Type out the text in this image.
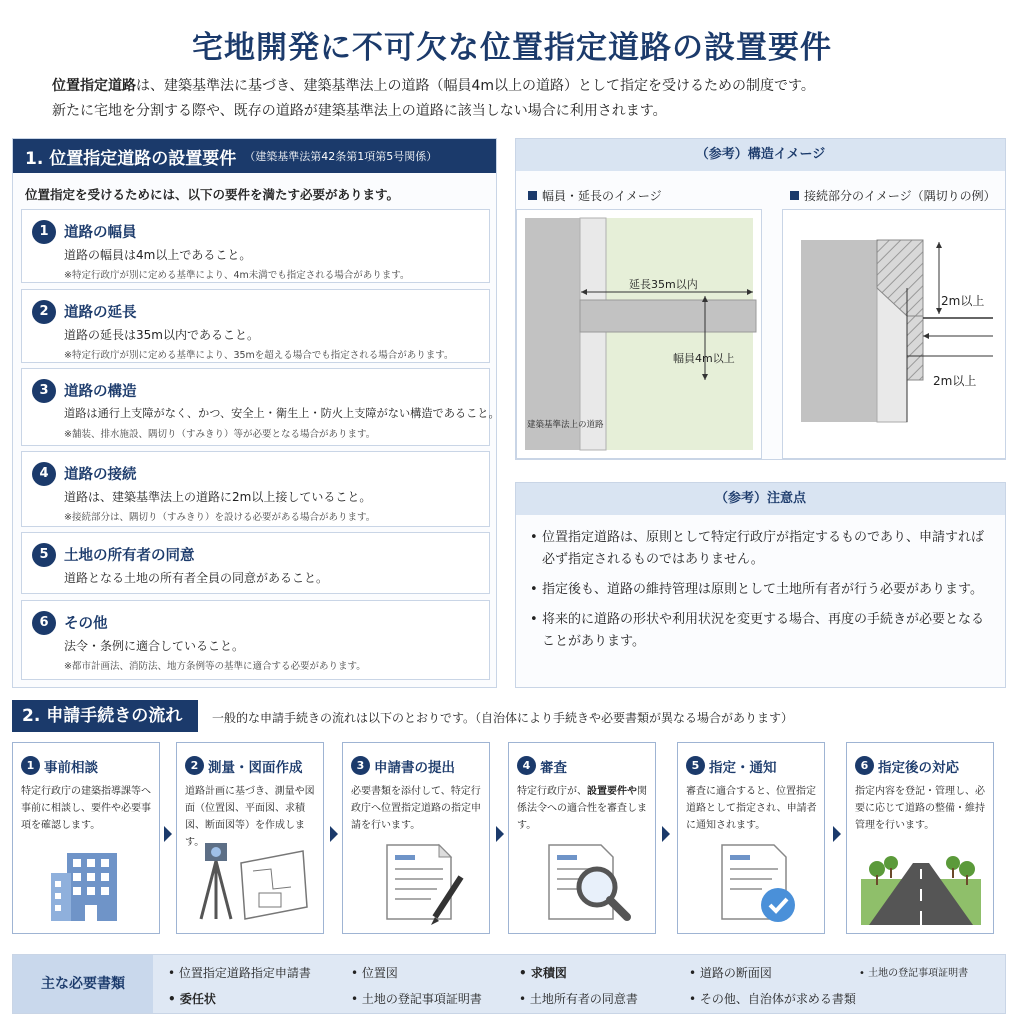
宅地開発に不可欠な位置指定道路の設置要件
位置指定道路は、建築基準法に基づき、建築基準法上の道路（幅員4m以上の道路）として指定を受けるための制度です。
新たに宅地を分割する際や、既存の道路が建築基準法上の道路に該当しない場合に利用されます。
1. 位置指定道路の設置要件 （建築基準法第42条第1項第5号関係）
位置指定を受けるためには、以下の要件を満たす必要があります。
1	道路の幅員
道路の幅員は4m以上であること。
※特定行政庁が別に定める基準により、4m未満でも指定される場合があります。
2	道路の延長
道路の延長は35m以内であること。
※特定行政庁が別に定める基準により、35mを超える場合でも指定される場合があります。
3	道路の構造
道路は通行上支障がなく、かつ、安全上・衛生上・防火上支障がない構造であること。
※舗装、排水施設、隅切り（すみきり）等が必要となる場合があります。
4	道路の接続
道路は、建築基準法上の道路に2m以上接していること。
※接続部分は、隅切り（すみきり）を設ける必要がある場合があります。
5	土地の所有者の同意
道路となる土地の所有者全員の同意があること。
6	その他
法令・条例に適合していること。
※都市計画法、消防法、地方条例等の基準に適合する必要があります。
（参考）構造イメージ
幅員・延長のイメージ	接続部分のイメージ（隅切りの例）
延長35m以内
幅員4m以上
建築基準法上の道路
2m以上
2m以上
（参考）注意点
• 位置指定道路は、原則として特定行政庁が指定するものであり、申請すれば必ず指定されるものではありません。
• 指定後も、道路の維持管理は原則として土地所有者が行う必要があります。
• 将来的に道路の形状や利用状況を変更する場合、再度の手続きが必要となることがあります。
2. 申請手続きの流れ	一般的な申請手続きの流れは以下のとおりです。（自治体により手続きや必要書類が異なる場合があります）
1 事前相談
特定行政庁の建築指導課等へ事前に相談し、要件や必要事項を確認します。
2 測量・図面作成
道路計画に基づき、測量や図面（位置図、平面図、求積図、断面図等）を作成します。
3 申請書の提出
必要書類を添付して、特定行政庁へ位置指定道路の指定申請を行います。
4 審査
特定行政庁が、設置要件や関係法令への適合性を審査します。
5 指定・通知
審査に適合すると、位置指定道路として指定され、申請者に通知されます。
6 指定後の対応
指定内容を登記・管理し、必要に応じて道路の整備・維持管理を行います。
主な必要書類
• 位置指定道路指定申請書	• 位置図	• 求積図	• 道路の断面図	• 土地の登記事項証明書
• 委任状	• 土地の登記事項証明書	• 土地所有者の同意書	• その他、自治体が求める書類
